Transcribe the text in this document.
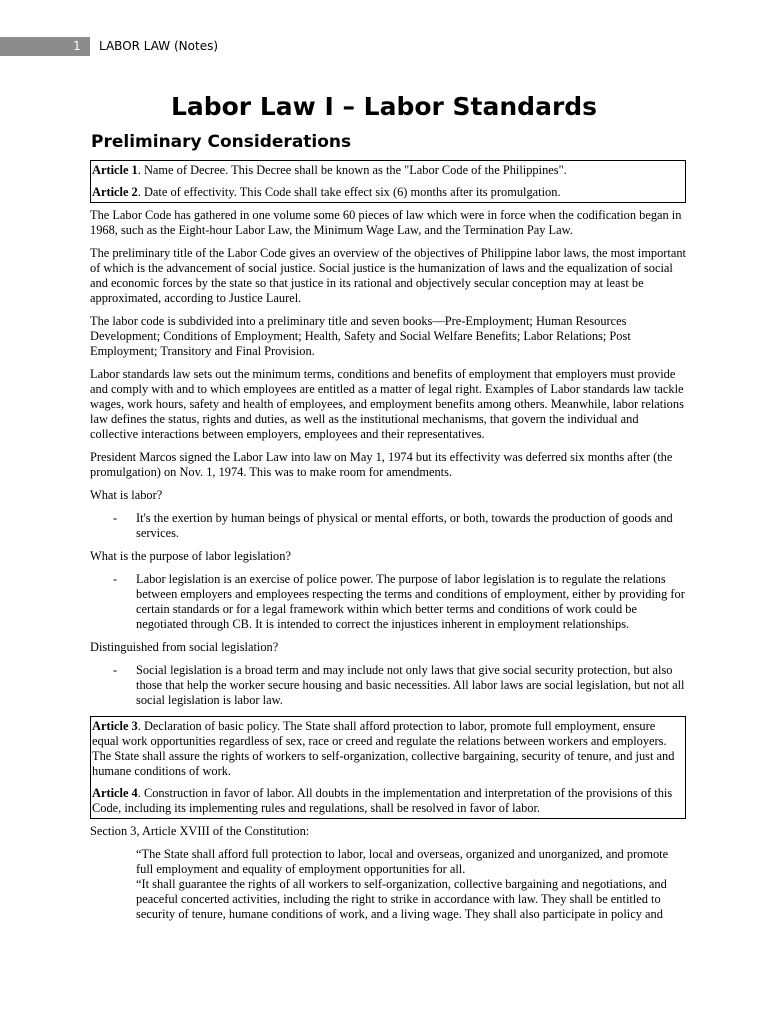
1 LABOR LAW (Notes)
Labor Law I – Labor Standards
Preliminary Considerations

Article 1. Name of Decree. This Decree shall be known as the "Labor Code of the Philippines".

Article 2. Date of effectivity. This Code shall take effect six (6) months after its promulgation.

The Labor Code has gathered in one volume some 60 pieces of law which were in force when the codification began in 1968, such as the Eight-hour Labor Law, the Minimum Wage Law, and the Termination Pay Law.

The preliminary title of the Labor Code gives an overview of the objectives of Philippine labor laws, the most important of which is the advancement of social justice. Social justice is the humanization of laws and the equalization of social and economic forces by the state so that justice in its rational and objectively secular conception may at least be approximated, according to Justice Laurel.

The labor code is subdivided into a preliminary title and seven books—Pre-Employment; Human Resources Development; Conditions of Employment; Health, Safety and Social Welfare Benefits; Labor Relations; Post Employment; Transitory and Final Provision.

Labor standards law sets out the minimum terms, conditions and benefits of employment that employers must provide and comply with and to which employees are entitled as a matter of legal right. Examples of Labor standards law tackle wages, work hours, safety and health of employees, and employment benefits among others. Meanwhile, labor relations law defines the status, rights and duties, as well as the institutional mechanisms, that govern the individual and collective interactions between employers, employees and their representatives.

President Marcos signed the Labor Law into law on May 1, 1974 but its effectivity was deferred six months after (the promulgation) on Nov. 1, 1974. This was to make room for amendments.

What is labor?

- It's the exertion by human beings of physical or mental efforts, or both, towards the production of goods and services.

What is the purpose of labor legislation?

- Labor legislation is an exercise of police power. The purpose of labor legislation is to regulate the relations between employers and employees respecting the terms and conditions of employment, either by providing for certain standards or for a legal framework within which better terms and conditions of work could be negotiated through CB. It is intended to correct the injustices inherent in employment relationships.

Distinguished from social legislation?

- Social legislation is a broad term and may include not only laws that give social security protection, but also those that help the worker secure housing and basic necessities. All labor laws are social legislation, but not all social legislation is labor law.

Article 3. Declaration of basic policy. The State shall afford protection to labor, promote full employment, ensure equal work opportunities regardless of sex, race or creed and regulate the relations between workers and employers. The State shall assure the rights of workers to self-organization, collective bargaining, security of tenure, and just and humane conditions of work.

Article 4. Construction in favor of labor. All doubts in the implementation and interpretation of the provisions of this Code, including its implementing rules and regulations, shall be resolved in favor of labor.

Section 3, Article XVIII of the Constitution:

“The State shall afford full protection to labor, local and overseas, organized and unorganized, and promote full employment and equality of employment opportunities for all.

“It shall guarantee the rights of all workers to self-organization, collective bargaining and negotiations, and peaceful concerted activities, including the right to strike in accordance with law. They shall be entitled to security of tenure, humane conditions of work, and a living wage. They shall also participate in policy and
